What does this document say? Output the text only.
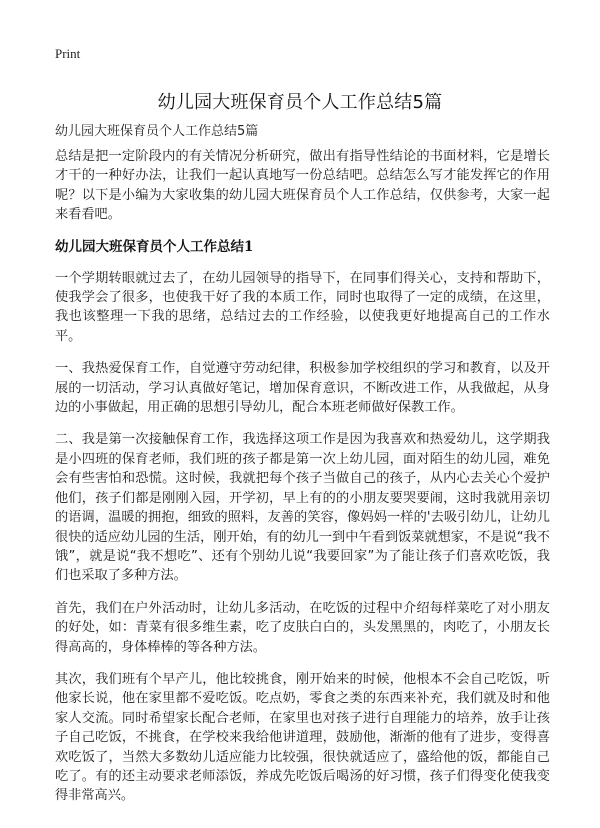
Print
幼儿园大班保育员个人工作总结5篇
幼儿园大班保育员个人工作总结5篇

总结是把一定阶段内的有关情况分析研究，做出有指导性结论的书面材料，它是增长才干的一种好办法，让我们一起认真地写一份总结吧。总结怎么写才能发挥它的作用呢？以下是小编为大家收集的幼儿园大班保育员个人工作总结，仅供参考，大家一起来看看吧。

幼儿园大班保育员个人工作总结1

一个学期转眼就过去了，在幼儿园领导的指导下，在同事们得关心，支持和帮助下，使我学会了很多，也使我干好了我的本质工作，同时也取得了一定的成绩，在这里，我也该整理一下我的思绪，总结过去的工作经验，以使我更好地提高自己的工作水平。

一、我热爱保育工作，自觉遵守劳动纪律，积极参加学校组织的学习和教育，以及开展的一切活动，学习认真做好笔记，增加保育意识，不断改进工作，从我做起，从身边的小事做起，用正确的思想引导幼儿，配合本班老师做好保教工作。

二、我是第一次接触保育工作，我选择这项工作是因为我喜欢和热爱幼儿，这学期我是小四班的保育老师，我们班的孩子都是第一次上幼儿园，面对陌生的幼儿园，难免会有些害怕和恐慌。这时候，我就把每个孩子当做自己的孩子，从内心去关心个爱护他们，孩子们都是刚刚入园，开学初，早上有的的小朋友要哭要闹，这时我就用亲切的语调，温暖的拥抱，细致的照料，友善的笑容，像妈妈一样的'去吸引幼儿，让幼儿很快的适应幼儿园的生活，刚开始，有的幼儿一到中午看到饭菜就想家，不是说“我不饿”，就是说“我不想吃”、还有个别幼儿说“我要回家”为了能让孩子们喜欢吃饭，我们也采取了多种方法。

首先，我们在户外活动时，让幼儿多活动，在吃饭的过程中介绍每样菜吃了对小朋友的好处，如：青菜有很多维生素，吃了皮肤白白的，头发黑黑的，肉吃了，小朋友长得高高的，身体棒棒的等各种方法。

其次，我们班有个早产儿，他比较挑食，刚开始来的时候，他根本不会自己吃饭，听他家长说，他在家里都不爱吃饭。吃点奶，零食之类的东西来补充，我们就及时和他家人交流。同时希望家长配合老师，在家里也对孩子进行自理能力的培养，放手让孩子自己吃饭，不挑食，在学校来我给他讲道理，鼓励他，渐渐的他有了进步，变得喜欢吃饭了，当然大多数幼儿适应能力比较强，很快就适应了，盛给他的饭，都能自己吃了。有的还主动要求老师添饭，养成先吃饭后喝汤的好习惯，孩子们得变化使我变得非常高兴。
